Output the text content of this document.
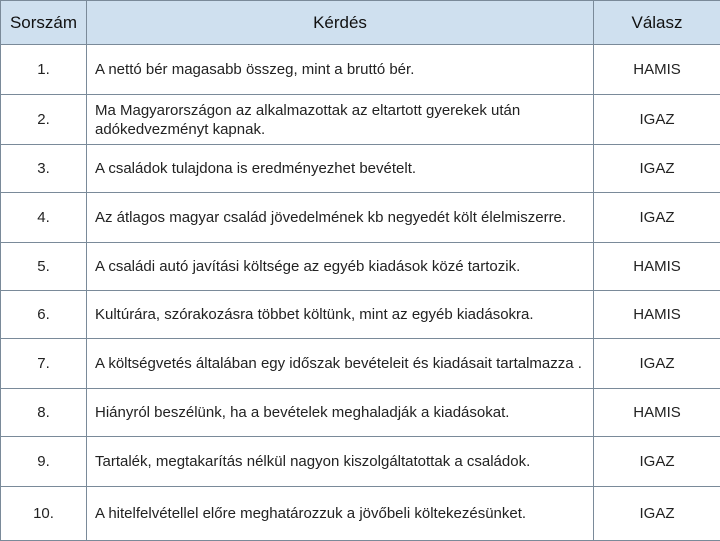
Sorszám	Kérdés	Válasz
1.	A nettó bér magasabb összeg, mint a bruttó bér.	HAMIS
2.	Ma Magyarországon az alkalmazottak az eltartott gyerekek után adókedvezményt kapnak.	IGAZ
3.	A családok tulajdona is eredményezhet bevételt.	IGAZ
4.	Az átlagos magyar család jövedelmének kb negyedét költ élelmiszerre.	IGAZ
5.	A családi autó javítási költsége az egyéb kiadások közé tartozik.	HAMIS
6.	Kultúrára, szórakozásra többet költünk, mint az egyéb kiadásokra.	HAMIS
7.	A költségvetés általában egy időszak bevételeit és kiadásait tartalmazza .	IGAZ
8.	Hiányról beszélünk, ha a bevételek meghaladják a kiadásokat.	HAMIS
9.	Tartalék, megtakarítás nélkül nagyon kiszolgáltatottak a családok.	IGAZ
10.	A hitelfelvétellel előre meghatározzuk a jövőbeli költekezésünket.	IGAZ
